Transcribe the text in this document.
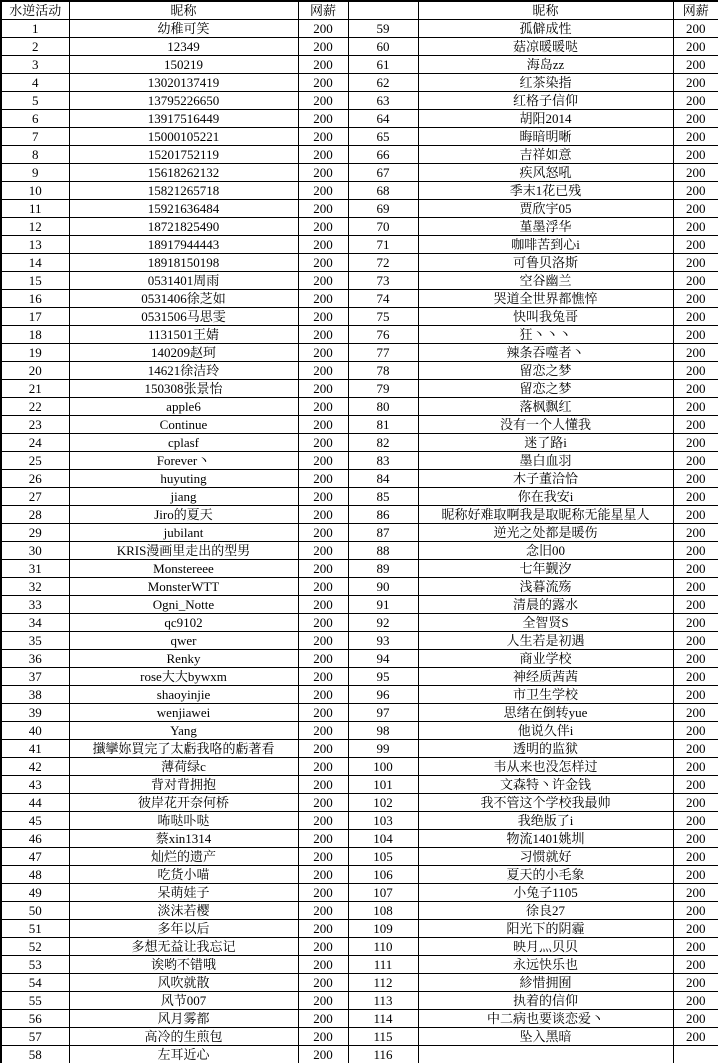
水逆活动	昵称	网薪		昵称	网薪
1	幼稚可笑	200	59	孤僻成性	200
2	12349	200	60	菇凉暖暖哒	200
3	150219	200	61	海岛zz	200
4	13020137419	200	62	红茶染指	200
5	13795226650	200	63	红格子信仰	200
6	13917516449	200	64	胡阳2014	200
7	15000105221	200	65	晦暗明晰	200
8	15201752119	200	66	吉祥如意	200
9	15618262132	200	67	疾风怒吼	200
10	15821265718	200	68	季末1花已残	200
11	15921636484	200	69	贾欣宇05	200
12	18721825490	200	70	堇墨浮华	200
13	18917944443	200	71	咖啡苦到心i	200
14	18918150198	200	72	可鲁贝洛斯	200
15	0531401周雨	200	73	空谷幽兰	200
16	0531406徐芝如	200	74	哭道全世界都憔悴	200
17	0531506马思雯	200	75	快叫我兔哥	200
18	1131501王婧	200	76	狂丶丶丶	200
19	140209赵珂	200	77	辣条吞噬者丶	200
20	14621徐洁玲	200	78	留恋之梦	200
21	150308张景怡	200	79	留恋之梦	200
22	apple6	200	80	落枫飘红	200
23	Continue	200	81	没有一个人懂我	200
24	cplasf	200	82	迷了路i	200
25	Forever丶	200	83	墨白血羽	200
26	huyuting	200	84	木子董洽恰	200
27	jiang	200	85	你在我安i	200
28	Jiro的夏天	200	86	昵称好难取啊我是取昵称无能星星人	200
29	jubilant	200	87	逆光之处都是暖伤	200
30	KRIS漫画里走出的型男	200	88	念旧00	200
31	Monstereee	200	89	七年觐汐	200
32	MonsterWTT	200	90	浅暮流殇	200
33	Ogni_Notte	200	91	清晨的露水	200
34	qc9102	200	92	全智贤S	200
35	qwer	200	93	人生若是初遇	200
36	Renky	200	94	商业学校	200
37	rose大大bywxm	200	95	神经质茜茜	200
38	shaoyinjie	200	96	市卫生学校	200
39	wenjiawei	200	97	思绪在倒转yue	200
40	Yang	200	98	他说久伴i	200
41	攕攣妳買完了太虧我咯的虧著看	200	99	透明的监狱	200
42	薄荷绿c	200	100	韦从来也没怎样过	200
43	背对背拥抱	200	101	文森特丶许金钱	200
44	彼岸花开奈何桥	200	102	我不管这个学校我最帅	200
45	咘哒卟哒	200	103	我绝版了i	200
46	蔡xin1314	200	104	物流1401姚圳	200
47	灿烂的遗产	200	105	习惯就好	200
48	吃货小喵	200	106	夏天的小毛象	200
49	呆萌娃子	200	107	小兔子1105	200
50	淡沫若樱	200	108	徐良27	200
51	多年以后	200	109	阳光下的阴霾	200
52	多想无益让我忘记	200	110	映月灬贝贝	200
53	诶哟不错哦	200	111	永远快乐也	200
54	风吹就散	200	112	紾惜拥囿	200
55	风节007	200	113	执着的信仰	200
56	风月雾都	200	114	中二病也要谈恋爱丶	200
57	高冷的生煎包	200	115	坠入黑暗	200
58	左耳近心	200	116		
